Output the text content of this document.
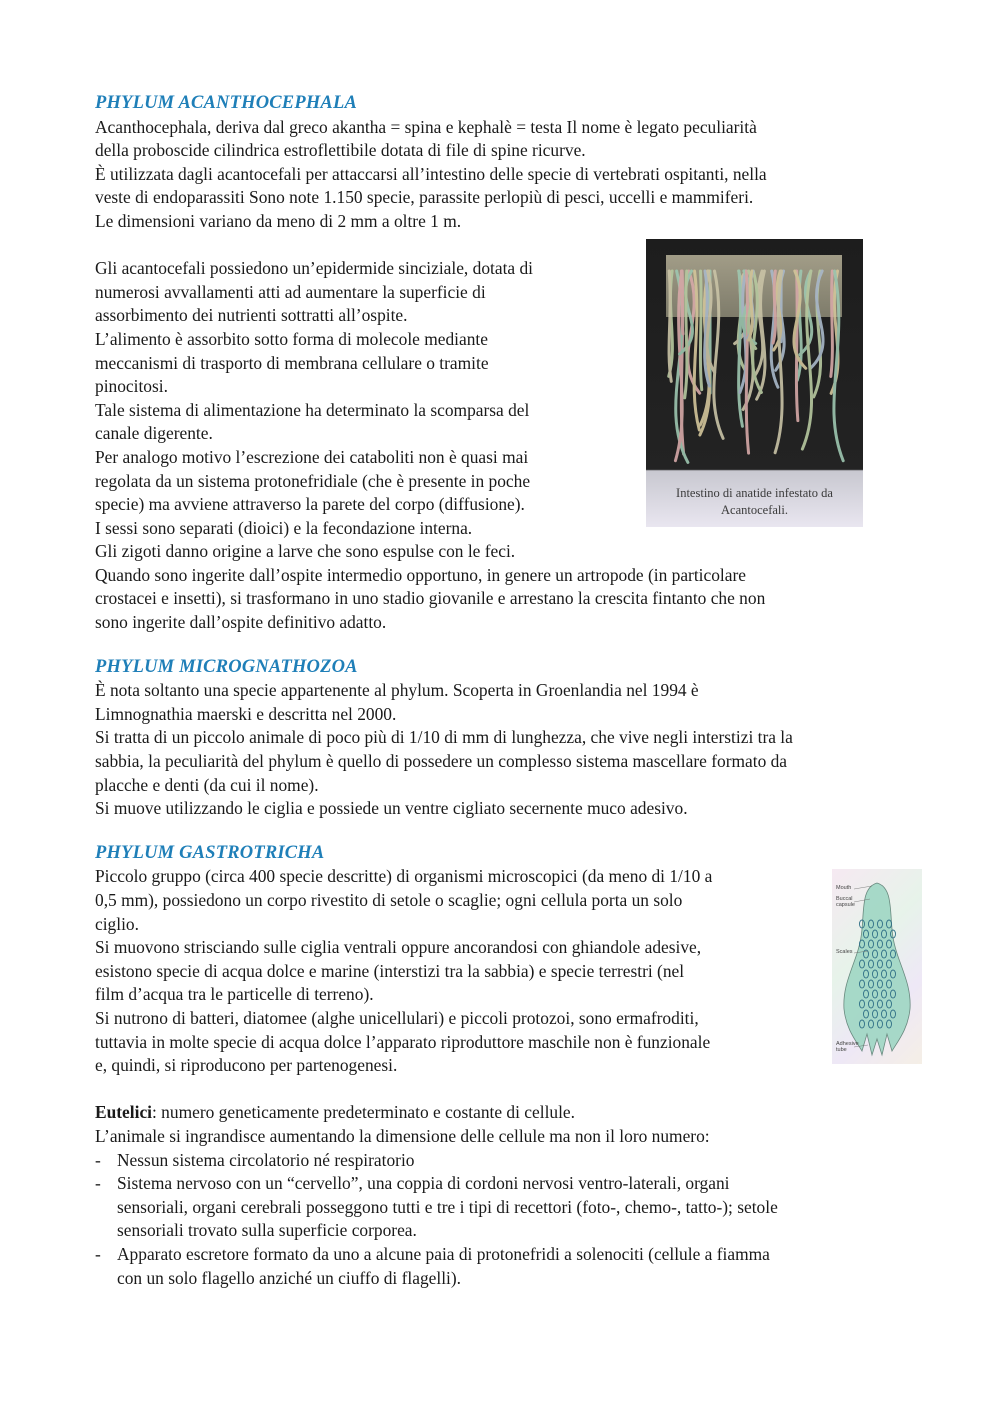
PHYLUM ACANTHOCEPHALA
Acanthocephala, deriva dal greco akantha = spina e kephalè = testa Il nome è legato peculiarità
della proboscide cilindrica estroflettibile dotata di file di spine ricurve.
È utilizzata dagli acantocefali per attaccarsi all’intestino delle specie di vertebrati ospitanti, nella
veste di endoparassiti Sono note 1.150 specie, parassite perlopiù di pesci, uccelli e mammiferi.
Le dimensioni variano da meno di 2 mm a oltre 1 m.
Gli acantocefali possiedono un’epidermide sinciziale, dotata di
numerosi avvallamenti atti ad aumentare la superficie di
assorbimento dei nutrienti sottratti all’ospite.
L’alimento è assorbito sotto forma di molecole mediante
meccanismi di trasporto di membrana cellulare o tramite
pinocitosi.
Tale sistema di alimentazione ha determinato la scomparsa del
canale digerente.
Per analogo motivo l’escrezione dei cataboliti non è quasi mai
regolata da un sistema protonefridiale (che è presente in poche
specie) ma avviene attraverso la parete del corpo (diffusione).
I sessi sono separati (dioici) e la fecondazione interna.
Gli zigoti danno origine a larve che sono espulse con le feci.
Quando sono ingerite dall’ospite intermedio opportuno, in genere un artropode (in particolare
crostacei e insetti), si trasformano in uno stadio giovanile e arrestano la crescita fintanto che non
sono ingerite dall’ospite definitivo adatto.
PHYLUM MICROGNATHOZOA
È nota soltanto una specie appartenente al phylum. Scoperta in Groenlandia nel 1994 è
Limnognathia maerski e descritta nel 2000.
Si tratta di un piccolo animale di poco più di 1/10 di mm di lunghezza, che vive negli interstizi tra la
sabbia, la peculiarità del phylum è quello di possedere un complesso sistema mascellare formato da
placche e denti (da cui il nome).
Si muove utilizzando le ciglia e possiede un ventre cigliato secernente muco adesivo.
PHYLUM GASTROTRICHA
Piccolo gruppo (circa 400 specie descritte) di organismi microscopici (da meno di 1/10 a
0,5 mm), possiedono un corpo rivestito di setole o scaglie; ogni cellula porta un solo
ciglio.
Si muovono strisciando sulle ciglia ventrali oppure ancorandosi con ghiandole adesive,
esistono specie di acqua dolce e marine (interstizi tra la sabbia) e specie terrestri (nel
film d’acqua tra le particelle di terreno).
Si nutrono di batteri, diatomee (alghe unicellulari) e piccoli protozoi, sono ermafroditi,
tuttavia in molte specie di acqua dolce l’apparato riproduttore maschile non è funzionale
e, quindi, si riproducono per partenogenesi.
Eutelici: numero geneticamente predeterminato e costante di cellule.
L’animale si ingrandisce aumentando la dimensione delle cellule ma non il loro numero:
- Nessun sistema circolatorio né respiratorio
- Sistema nervoso con un “cervello”, una coppia di cordoni nervosi ventro-laterali, organi
sensoriali, organi cerebrali posseggono tutti e tre i tipi di recettori (foto-, chemo-, tatto-); setole
sensoriali trovato sulla superficie corporea.
- Apparato escretore formato da uno a alcune paia di protonefridi a solenociti (cellule a fiamma
con un solo flagello anziché un ciuffo di flagelli).
Intestino di anatide infestato da
Acantocefali.
Mouth
Buccal capsule
Scales
Adhesive tube
